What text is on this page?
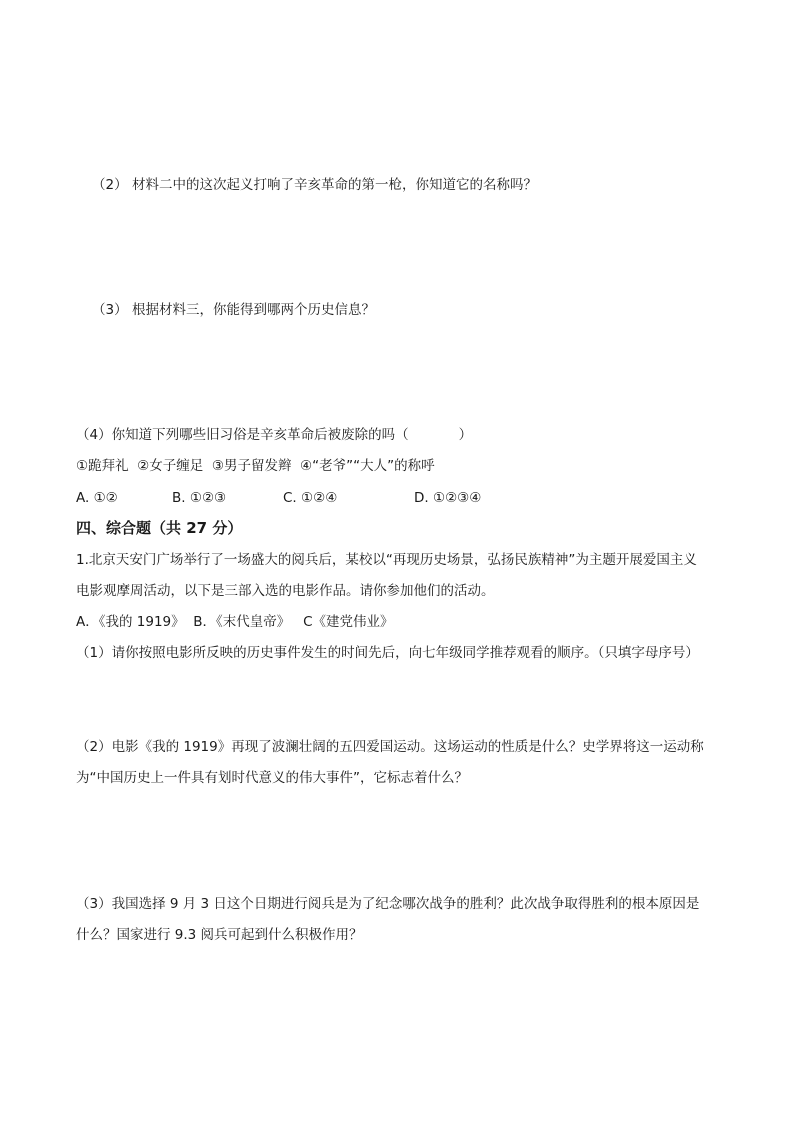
（2） 材料二中的这次起义打响了辛亥革命的第一枪，你知道它的名称吗？
（3） 根据材料三，你能得到哪两个历史信息？
（4）你知道下列哪些旧习俗是辛亥革命后被废除的吗（	）
①跪拜礼  ②女子缠足  ③男子留发辫  ④“老爷”“大人”的称呼
A. ①②	B. ①②③	C. ①②④	D. ①②③④
四、综合题（共 27 分）
1.北京天安门广场举行了一场盛大的阅兵后，某校以“再现历史场景，弘扬民族精神”为主题开展爱国主义
电影观摩周活动，以下是三部入选的电影作品。请你参加他们的活动。
A．《我的 1919》  B．《末代皇帝》   C《建党伟业》
（1）请你按照电影所反映的历史事件发生的时间先后，向七年级同学推荐观看的顺序。（只填字母序号）
（2）电影《我的 1919》再现了波澜壮阔的五四爱国运动。这场运动的性质是什么？史学界将这一运动称
为“中国历史上一件具有划时代意义的伟大事件”，它标志着什么？
（3）我国选择 9 月 3 日这个日期进行阅兵是为了纪念哪次战争的胜利？此次战争取得胜利的根本原因是
什么？国家进行 9.3 阅兵可起到什么积极作用？
